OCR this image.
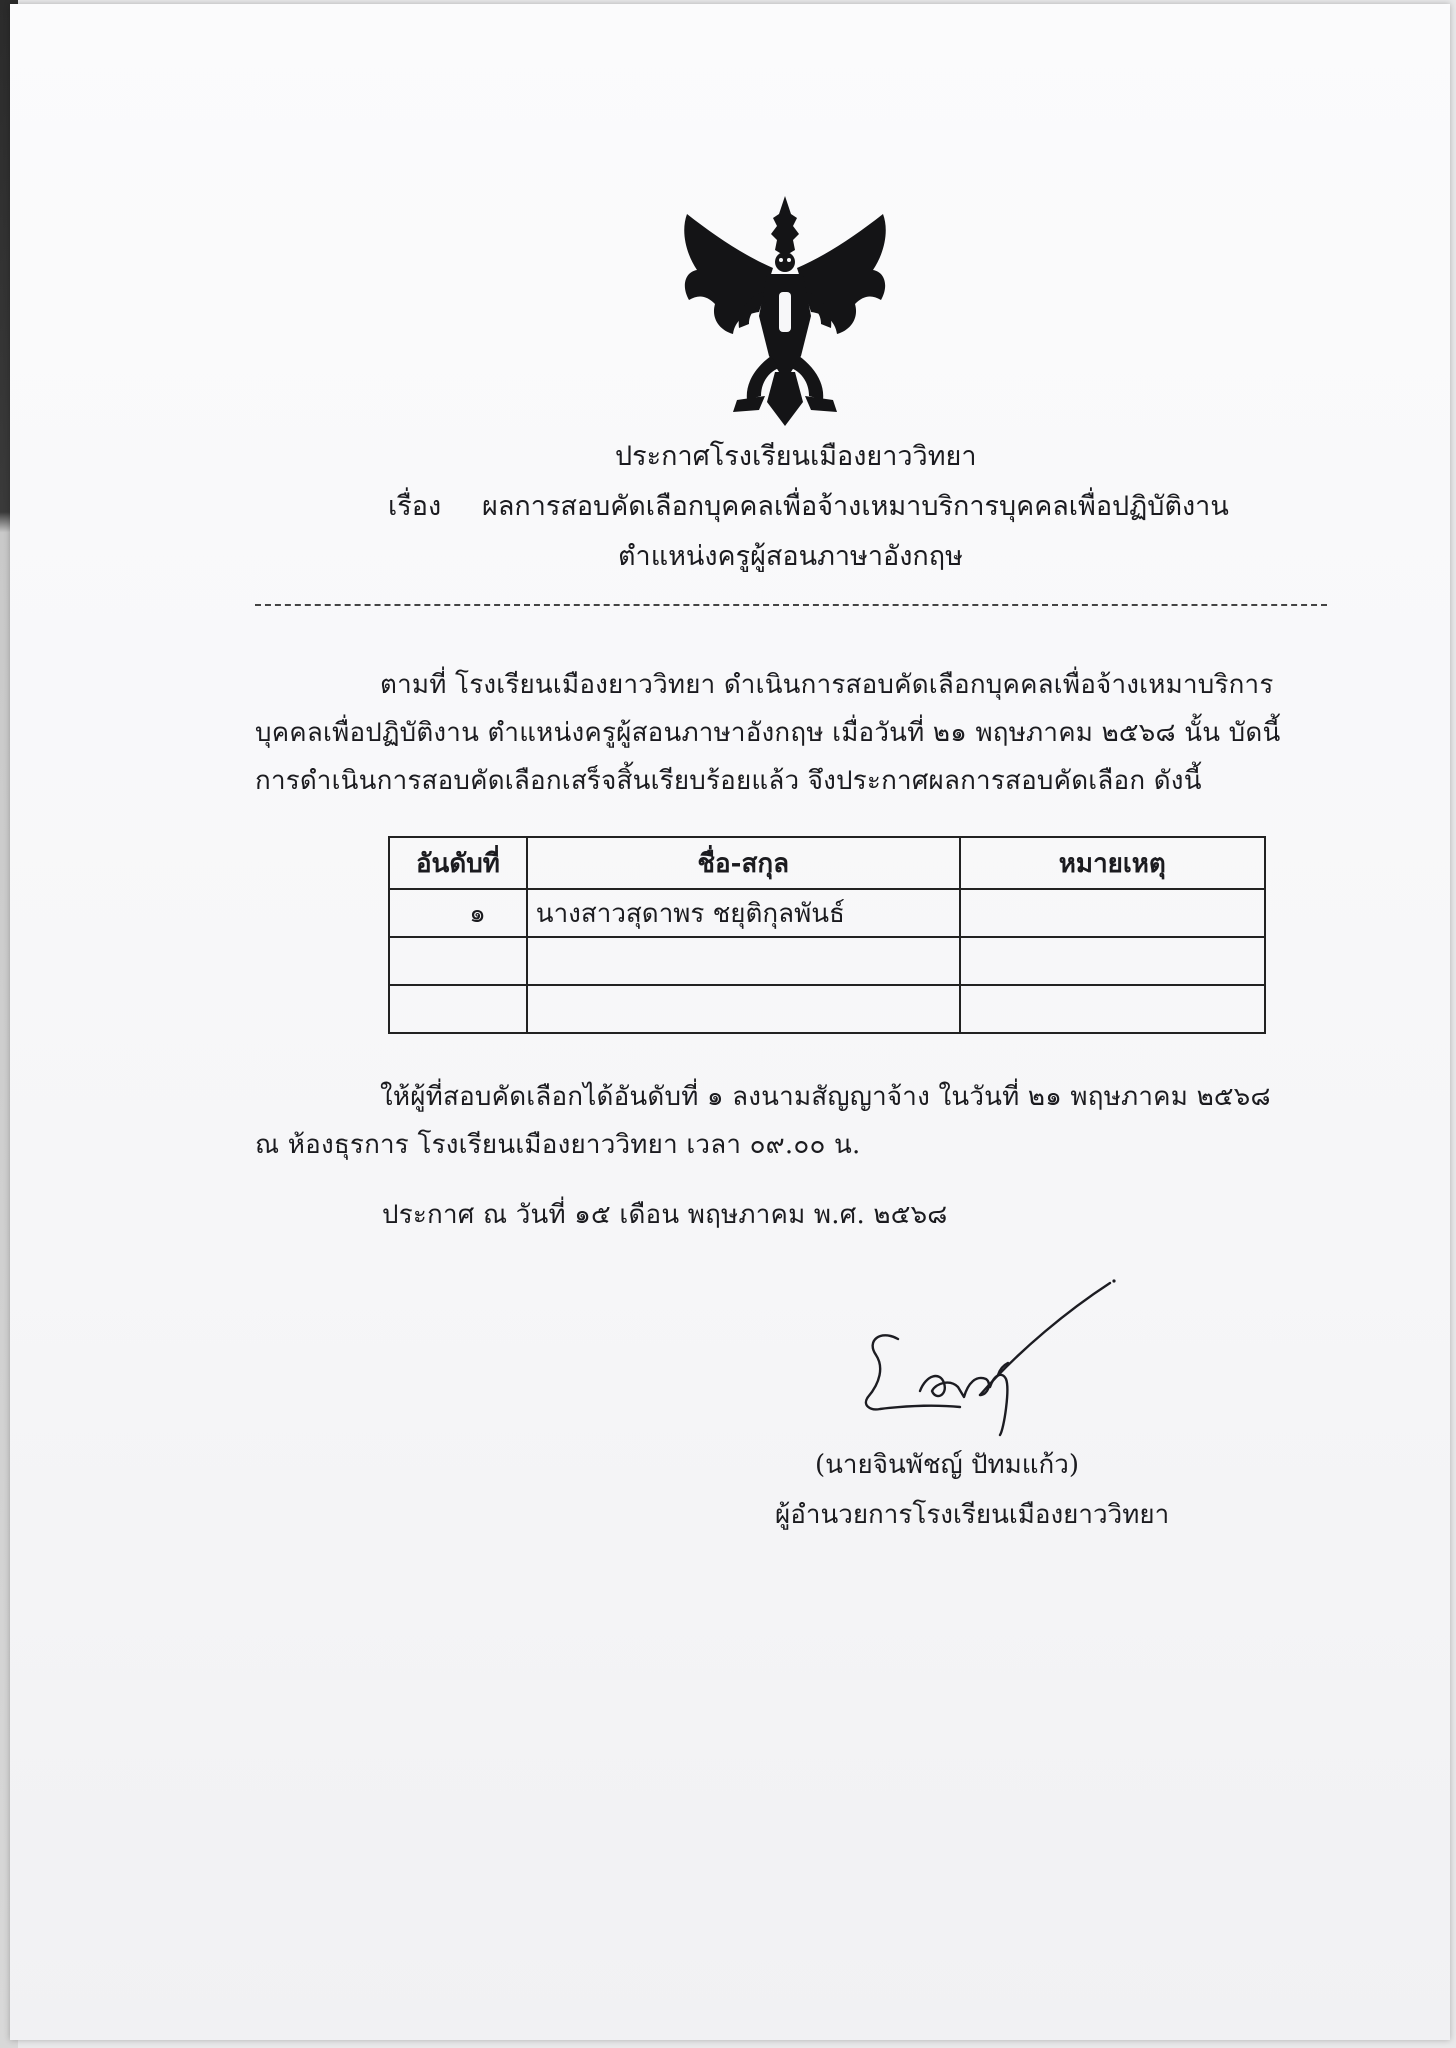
ประกาศโรงเรียนเมืองยาววิทยา
เรื่อง ผลการสอบคัดเลือกบุคคลเพื่อจ้างเหมาบริการบุคคลเพื่อปฏิบัติงาน
ตำแหน่งครูผู้สอนภาษาอังกฤษ
ตามที่ โรงเรียนเมืองยาววิทยา ดำเนินการสอบคัดเลือกบุคคลเพื่อจ้างเหมาบริการ
บุคคลเพื่อปฏิบัติงาน ตำแหน่งครูผู้สอนภาษาอังกฤษ เมื่อวันที่ ๒๑ พฤษภาคม ๒๕๖๘ นั้น บัดนี้
การดำเนินการสอบคัดเลือกเสร็จสิ้นเรียบร้อยแล้ว จึงประกาศผลการสอบคัดเลือก ดังนี้
อันดับที่	ชื่อ-สกุล	หมายเหตุ
๑	นางสาวสุดาพร ชยุติกุลพันธ์	

ให้ผู้ที่สอบคัดเลือกได้อันดับที่ ๑ ลงนามสัญญาจ้าง ในวันที่ ๒๑ พฤษภาคม ๒๕๖๘
ณ ห้องธุรการ โรงเรียนเมืองยาววิทยา เวลา ๐๙.๐๐ น.
ประกาศ ณ วันที่ ๑๕ เดือน พฤษภาคม พ.ศ. ๒๕๖๘
(นายจินพัชญ์ ปัทมแก้ว)
ผู้อำนวยการโรงเรียนเมืองยาววิทยา
